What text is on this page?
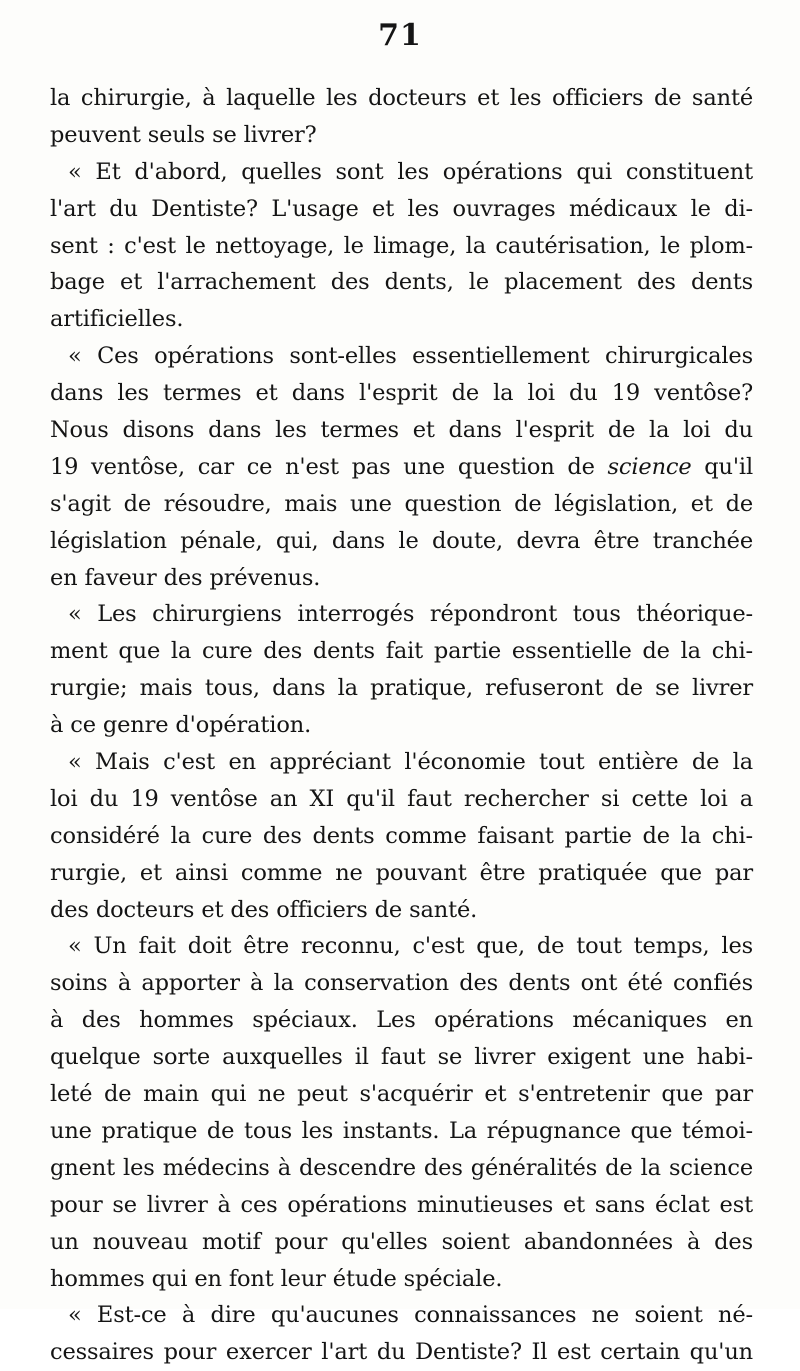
71
la chirurgie, à laquelle les docteurs et les officiers de santé
peuvent seuls se livrer?
« Et d'abord, quelles sont les opérations qui constituent
l'art du Dentiste? L'usage et les ouvrages médicaux le di-
sent : c'est le nettoyage, le limage, la cautérisation, le plom-
bage et l'arrachement des dents, le placement des dents
artificielles.
« Ces opérations sont-elles essentiellement chirurgicales
dans les termes et dans l'esprit de la loi du 19 ventôse?
Nous disons dans les termes et dans l'esprit de la loi du
19 ventôse, car ce n'est pas une question de science qu'il
s'agit de résoudre, mais une question de législation, et de
législation pénale, qui, dans le doute, devra être tranchée
en faveur des prévenus.
« Les chirurgiens interrogés répondront tous théorique-
ment que la cure des dents fait partie essentielle de la chi-
rurgie; mais tous, dans la pratique, refuseront de se livrer
à ce genre d'opération.
« Mais c'est en appréciant l'économie tout entière de la
loi du 19 ventôse an XI qu'il faut rechercher si cette loi a
considéré la cure des dents comme faisant partie de la chi-
rurgie, et ainsi comme ne pouvant être pratiquée que par
des docteurs et des officiers de santé.
« Un fait doit être reconnu, c'est que, de tout temps, les
soins à apporter à la conservation des dents ont été confiés
à des hommes spéciaux. Les opérations mécaniques en
quelque sorte auxquelles il faut se livrer exigent une habi-
leté de main qui ne peut s'acquérir et s'entretenir que par
une pratique de tous les instants. La répugnance que témoi-
gnent les médecins à descendre des généralités de la science
pour se livrer à ces opérations minutieuses et sans éclat est
un nouveau motif pour qu'elles soient abandonnées à des
hommes qui en font leur étude spéciale.
« Est-ce à dire qu'aucunes connaissances ne soient né-
cessaires pour exercer l'art du Dentiste? Il est certain qu'un
